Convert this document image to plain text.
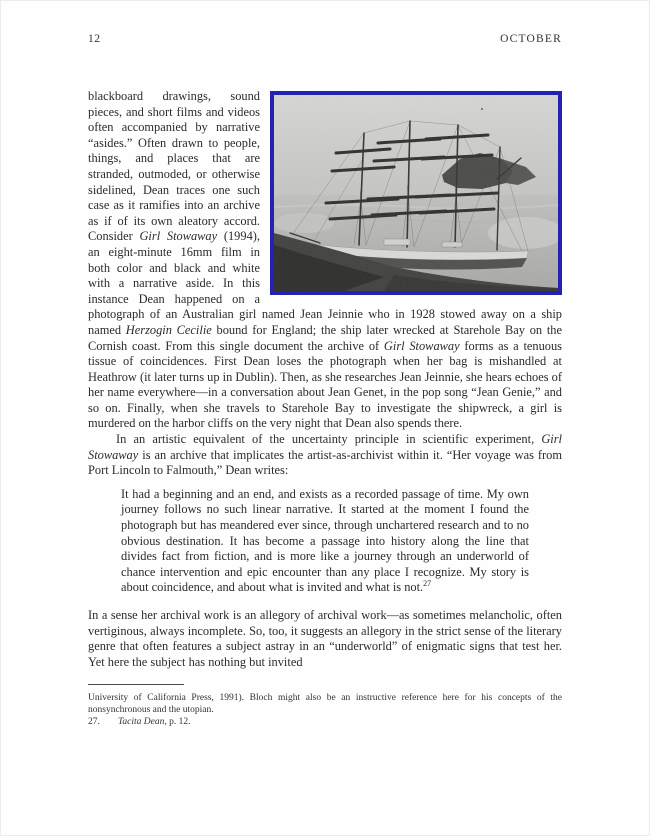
12	OCTOBER

blackboard drawings, sound pieces, and short films and videos often accompanied by narrative “asides.” Often drawn to people, things, and places that are stranded, outmoded, or otherwise sidelined, Dean traces one such case as it ramifies into an archive as if of its own aleatory accord. Consider Girl Stowaway (1994), an eight-minute 16mm film in both color and black and white with a narrative aside. In this instance Dean happened on a photograph of an Australian girl named Jean Jeinnie who in 1928 stowed away on a ship named Herzogin Cecilie bound for England; the ship later wrecked at Starehole Bay on the Cornish coast. From this single document the archive of Girl Stowaway forms as a tenuous tissue of coincidences. First Dean loses the photograph when her bag is mishandled at Heathrow (it later turns up in Dublin). Then, as she researches Jean Jeinnie, she hears echoes of her name everywhere—in a conversation about Jean Genet, in the pop song “Jean Genie,” and so on. Finally, when she travels to Starehole Bay to investigate the shipwreck, a girl is murdered on the harbor cliffs on the very night that Dean also spends there.

In an artistic equivalent of the uncertainty principle in scientific experiment, Girl Stowaway is an archive that implicates the artist-as-archivist within it. “Her voyage was from Port Lincoln to Falmouth,” Dean writes:

It had a beginning and an end, and exists as a recorded passage of time. My own journey follows no such linear narrative. It started at the moment I found the photograph but has meandered ever since, through unchartered research and to no obvious destination. It has become a passage into history along the line that divides fact from fiction, and is more like a journey through an underworld of chance intervention and epic encounter than any place I recognize. My story is about coincidence, and about what is invited and what is not.$^{27}$

In a sense her archival work is an allegory of archival work—as sometimes melancholic, often vertiginous, always incomplete. So, too, it suggests an allegory in the strict sense of the literary genre that often features a subject astray in an “underworld” of enigmatic signs that test her. Yet here the subject has nothing but invited

University of California Press, 1991). Bloch might also be an instructive reference here for his concepts of the nonsynchronous and the utopian.

27. Tacita Dean, p. 12.
